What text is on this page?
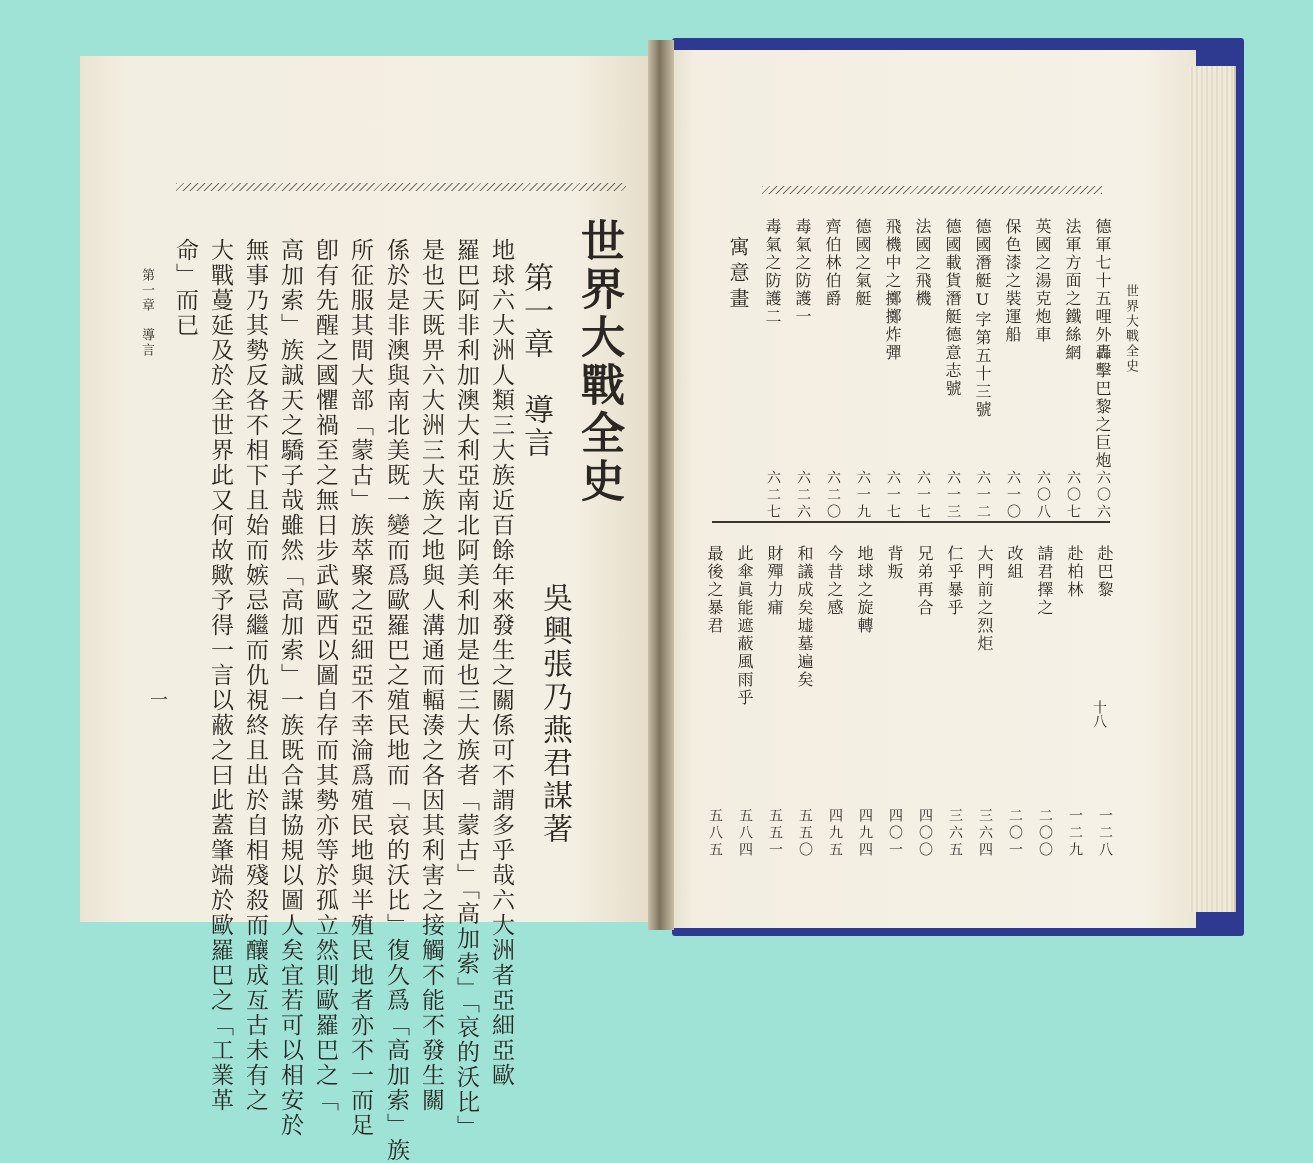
世界大戰全史
第一章　導言
吳興張乃燕君謀著
地球六大洲人類三大族近百餘年來發生之關係可不謂多乎哉六大洲者亞細亞歐
羅巴阿非利加澳大利亞南北阿美利加是也三大族者「蒙古」「高加索」「哀的沃比」
是也天既畀六大洲三大族之地與人溝通而輻湊之各因其利害之接觸不能不發生關
係於是非澳與南北美既一變而爲歐羅巴之殖民地而「哀的沃比」復久爲「高加索」族
所征服其間大部「蒙古」族萃聚之亞細亞不幸淪爲殖民地與半殖民地者亦不一而足
卽有先醒之國懼禍至之無日步武歐西以圖自存而其勢亦等於孤立然則歐羅巴之「
高加索」族誠天之驕子哉雖然「高加索」一族既合謀協規以圖人矣宜若可以相安於
無事乃其勢反各不相下且始而嫉忌繼而仇視終且出於自相殘殺而釀成亙古未有之
大戰蔓延及於全世界此又何故歟予得一言以蔽之曰此蓋肇端於歐羅巴之「工業革
命」而已
第一章　導言
一
世界大戰全史
十八
寓意畫	德軍七十五哩外轟擊巴黎之巨炮
法軍方面之鐵絲網
英國之湯克炮車
保色漆之裝運船
德國潛艇U字第五十三號
德國載貨潛艇德意志號
法國之飛機
飛機中之擲擲炸彈
德國之氣艇
齊伯林伯爵
毒氣之防護一
毒氣之防護二
六〇六
六〇七
六〇八
六一〇
六一二
六一三
六一七
六一七
六一九
六二〇
六二六
六二七
赴巴黎
赴柏林
請君擇之
改組
大門前之烈炬
仁乎暴乎
兄弟再合
背叛
地球之旋轉
今昔之感
和議成矣墟墓遍矣
財殫力痡
此傘眞能遮蔽風雨乎
最後之暴君
一二八
一二九
二〇〇
二〇一
三六四
三六五
四〇〇
四〇一
四九四
四九五
五五〇
五五一
五八四
五八五
